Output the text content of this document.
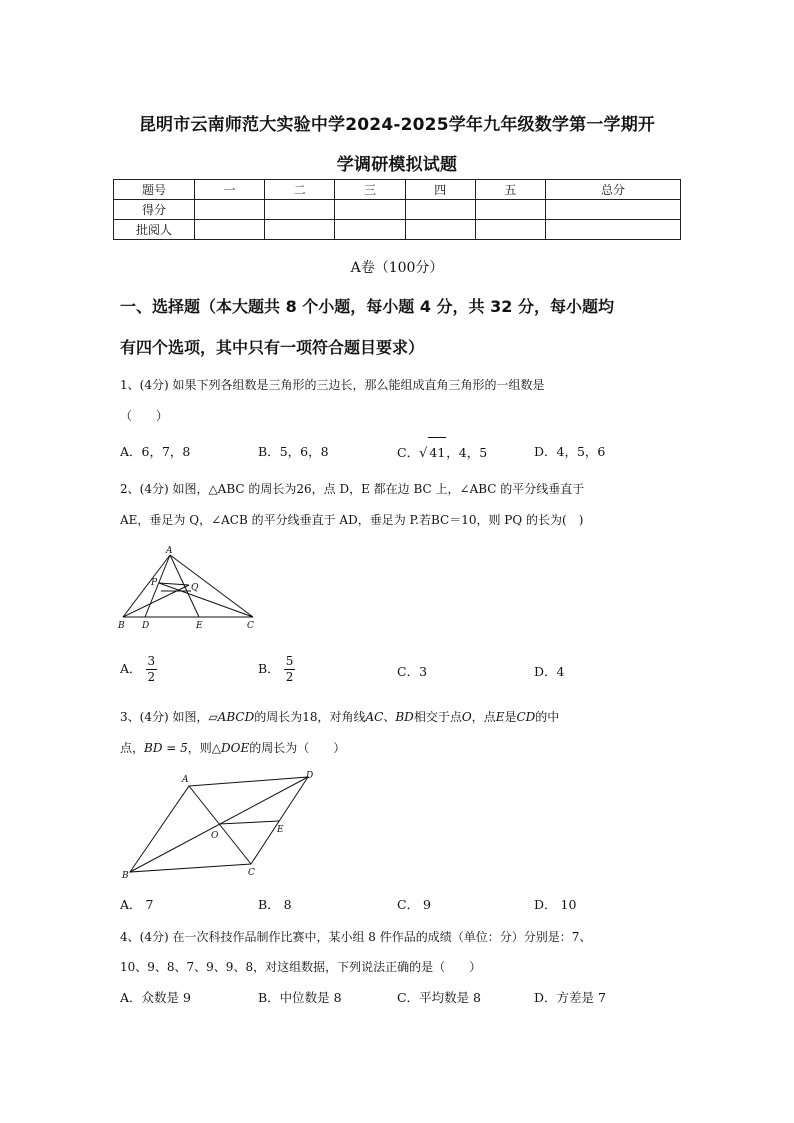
昆明市云南师范大实验中学2024-2025学年九年级数学第一学期开
学调研模拟试题
题号	一	二	三	四	五	总分
得分						
批阅人						
A卷（100分）
一、选择题（本大题共 8 个小题，每小题 4 分，共 32 分，每小题均
有四个选项，其中只有一项符合题目要求）
1、(4分) 如果下列各组数是三角形的三边长，那么能组成直角三角形的一组数是
（　　）
A．6，7，8	B．5，6，8	C．√ 41，4，5	D．4，5，6
2、(4分) 如图，△ABC 的周长为26，点 D，E 都在边 BC 上，∠ABC 的平分线垂直于
AE，垂足为 Q，∠ACB 的平分线垂直于 AD，垂足为 P.若BC＝10，则 PQ 的长为(　)
A
B D	E	C
P	Q
A． $\frac{3}{2}$	B． $\frac{5}{2}$	C．3	D．4
3、(4分) 如图，▱ABCD的周长为18，对角线AC、BD相交于点O，点E是CD的中
点，BD = 5，则△DOE的周长为（　　）
A	D
B	C
O
E
A． 7	B． 8	C． 9	D． 10
4、(4分) 在一次科技作品制作比赛中，某小组 8 件作品的成绩（单位：分）分别是：7、
10、9、8、7、9、9、8，对这组数据，下列说法正确的是（　　）
A．众数是 9	B．中位数是 8	C．平均数是 8	D．方差是 7
